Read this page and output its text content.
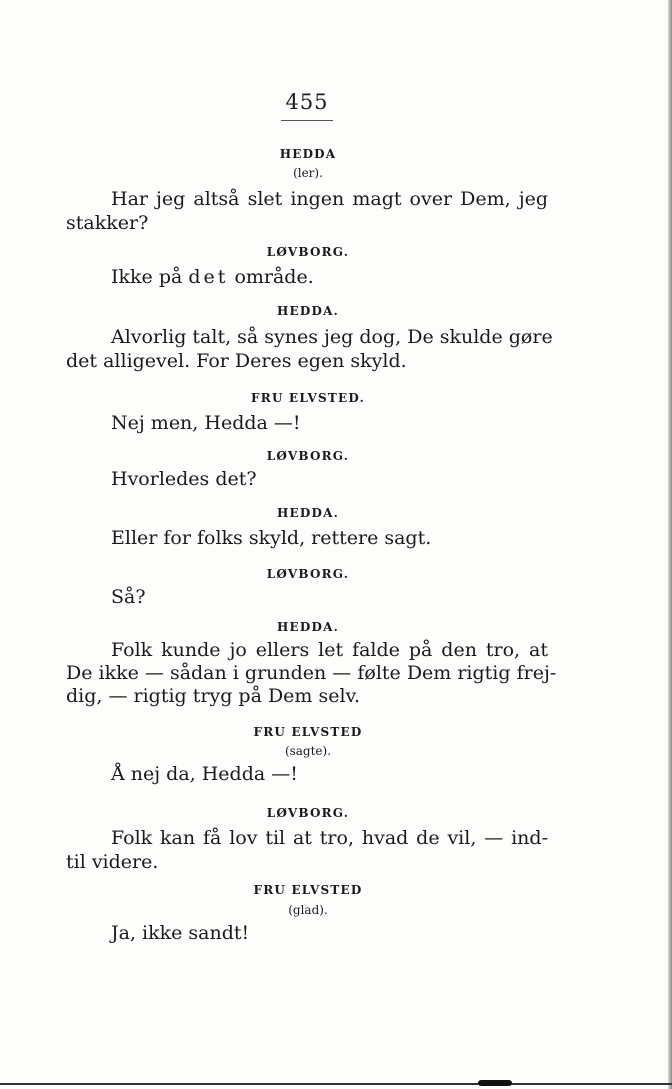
455
HEDDA
(ler).
Har jeg altså slet ingen magt over Dem, jeg
stakker?
LØVBORG.
Ikke på det område.
HEDDA.
Alvorlig talt, så synes jeg dog, De skulde gøre
det alligevel. For Deres egen skyld.
FRU ELVSTED.
Nej men, Hedda —!
LØVBORG.
Hvorledes det?
HEDDA.
Eller for folks skyld, rettere sagt.
LØVBORG.
Så?
HEDDA.
Folk kunde jo ellers let falde på den tro, at
De ikke — sådan i grunden — følte Dem rigtig frej-
dig, — rigtig tryg på Dem selv.
FRU ELVSTED
(sagte).
Å nej da, Hedda —!
LØVBORG.
Folk kan få lov til at tro, hvad de vil, — ind-
til videre.
FRU ELVSTED
(glad).
Ja, ikke sandt!
